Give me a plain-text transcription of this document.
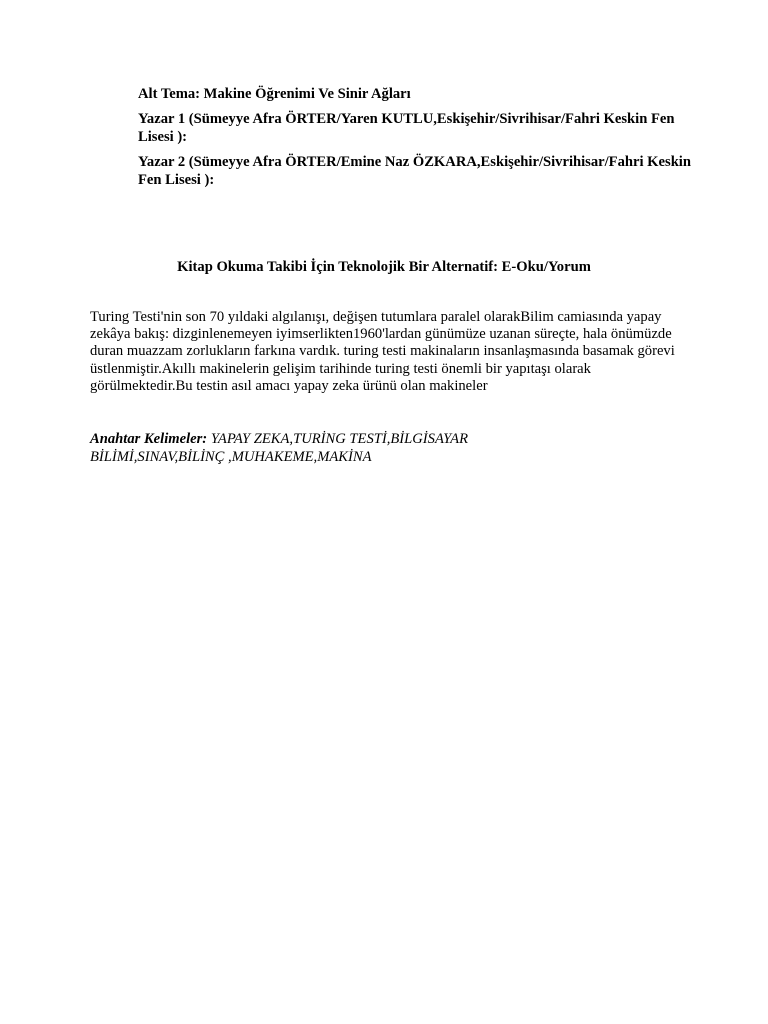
Alt Tema: Makine Öğrenimi Ve Sinir Ağları

Yazar 1 (Sümeyye Afra ÖRTER/Yaren KUTLU,Eskişehir/Sivrihisar/Fahri Keskin Fen Lisesi ):

Yazar 2 (Sümeyye Afra ÖRTER/Emine Naz ÖZKARA,Eskişehir/Sivrihisar/Fahri Keskin Fen Lisesi ):

Kitap Okuma Takibi İçin Teknolojik Bir Alternatif: E-Oku/Yorum

Turing Testi'nin son 70 yıldaki algılanışı, değişen tutumlara paralel olarakBilim camiasında yapay zekâya bakış: dizginlenemeyen iyimserlikten1960'lardan günümüze uzanan süreçte, hala önümüzde duran muazzam zorlukların farkına vardık. turing testi makinaların insanlaşmasında basamak görevi üstlenmiştir.Akıllı makinelerin gelişim tarihinde turing testi önemli bir yapıtaşı olarak görülmektedir.Bu testin asıl amacı yapay zeka ürünü olan makineler

Anahtar Kelimeler: YAPAY ZEKA,TURİNG TESTİ,BİLGİSAYAR BİLİMİ,SINAV,BİLİNÇ ,MUHAKEME,MAKİNA
